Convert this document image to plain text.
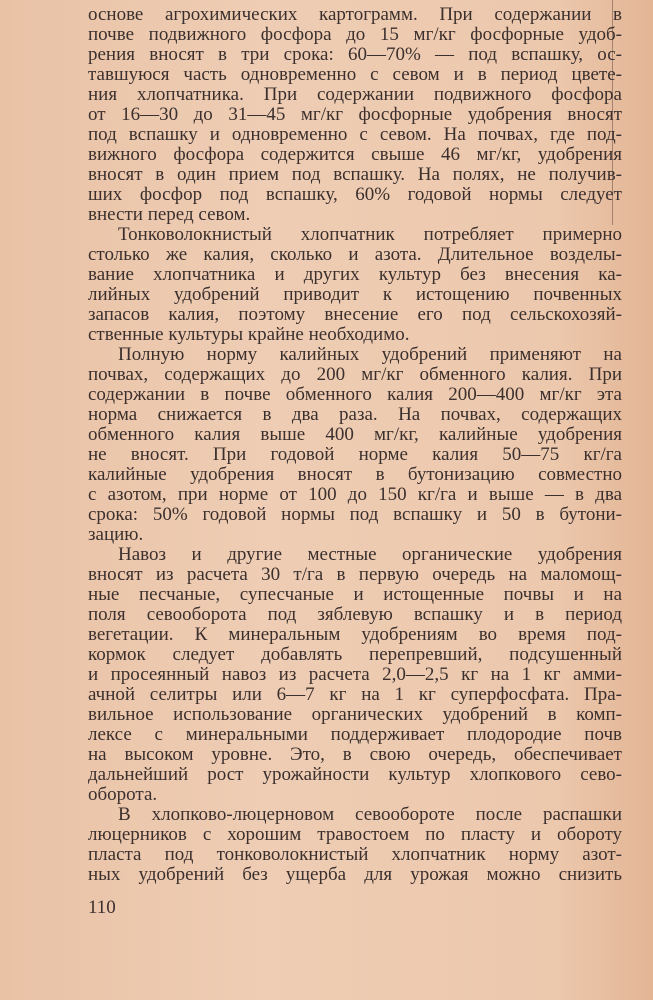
основе агрохимических картограмм. При содержании в
почве подвижного фосфора до 15 мг/кг фосфорные удоб-
рения вносят в три срока: 60—70% — под вспашку, ос-
тавшуюся часть одновременно с севом и в период цвете-
ния хлопчатника. При содержании подвижного фосфора
от 16—30 до 31—45 мг/кг фосфорные удобрения вносят
под вспашку и одновременно с севом. На почвах, где под-
вижного фосфора содержится свыше 46 мг/кг, удобрения
вносят в один прием под вспашку. На полях, не получив-
ших фосфор под вспашку, 60% годовой нормы следует
внести перед севом.
Тонковолокнистый хлопчатник потребляет примерно
столько же калия, сколько и азота. Длительное возделы-
вание хлопчатника и других культур без внесения ка-
лийных удобрений приводит к истощению почвенных
запасов калия, поэтому внесение его под сельскохозяй-
ственные культуры крайне необходимо.
Полную норму калийных удобрений применяют на
почвах, содержащих до 200 мг/кг обменного калия. При
содержании в почве обменного калия 200—400 мг/кг эта
норма снижается в два раза. На почвах, содержащих
обменного калия выше 400 мг/кг, калийные удобрения
не вносят. При годовой норме калия 50—75 кг/га
калийные удобрения вносят в бутонизацию совместно
с азотом, при норме от 100 до 150 кг/га и выше — в два
срока: 50% годовой нормы под вспашку и 50 в бутони-
зацию.
Навоз и другие местные органические удобрения
вносят из расчета 30 т/га в первую очередь на маломощ-
ные песчаные, супесчаные и истощенные почвы и на
поля севооборота под зяблевую вспашку и в период
вегетации. К минеральным удобрениям во время под-
кормок следует добавлять перепревший, подсушенный
и просеянный навоз из расчета 2,0—2,5 кг на 1 кг амми-
ачной селитры или 6—7 кг на 1 кг суперфосфата. Пра-
вильное использование органических удобрений в комп-
лексе с минеральными поддерживает плодородие почв
на высоком уровне. Это, в свою очередь, обеспечивает
дальнейший рост урожайности культур хлопкового сево-
оборота.
В хлопково-люцерновом севообороте после распашки
люцерников с хорошим травостоем по пласту и обороту
пласта под тонковолокнистый хлопчатник норму азот-
ных удобрений без ущерба для урожая можно снизить
110
